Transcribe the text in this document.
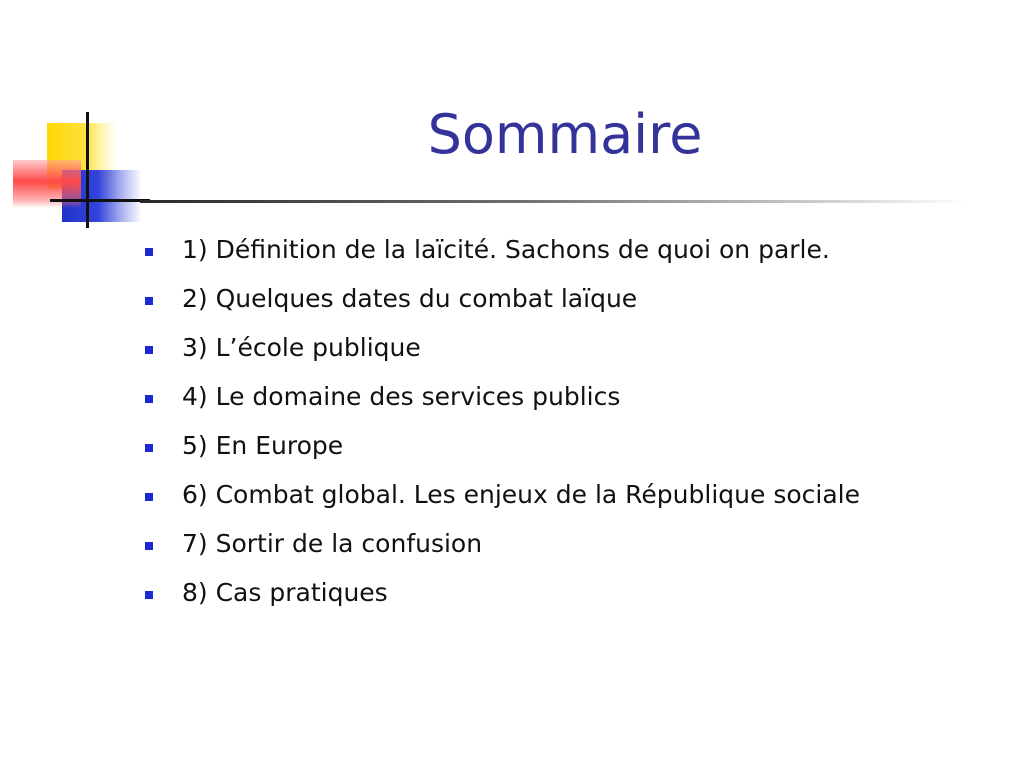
Sommaire
1) Définition de la laïcité. Sachons de quoi on parle.
2) Quelques dates du combat laïque
3) L’école publique
4) Le domaine des services publics
5) En Europe
6) Combat global. Les enjeux de la République sociale
7) Sortir de la confusion
8) Cas pratiques
